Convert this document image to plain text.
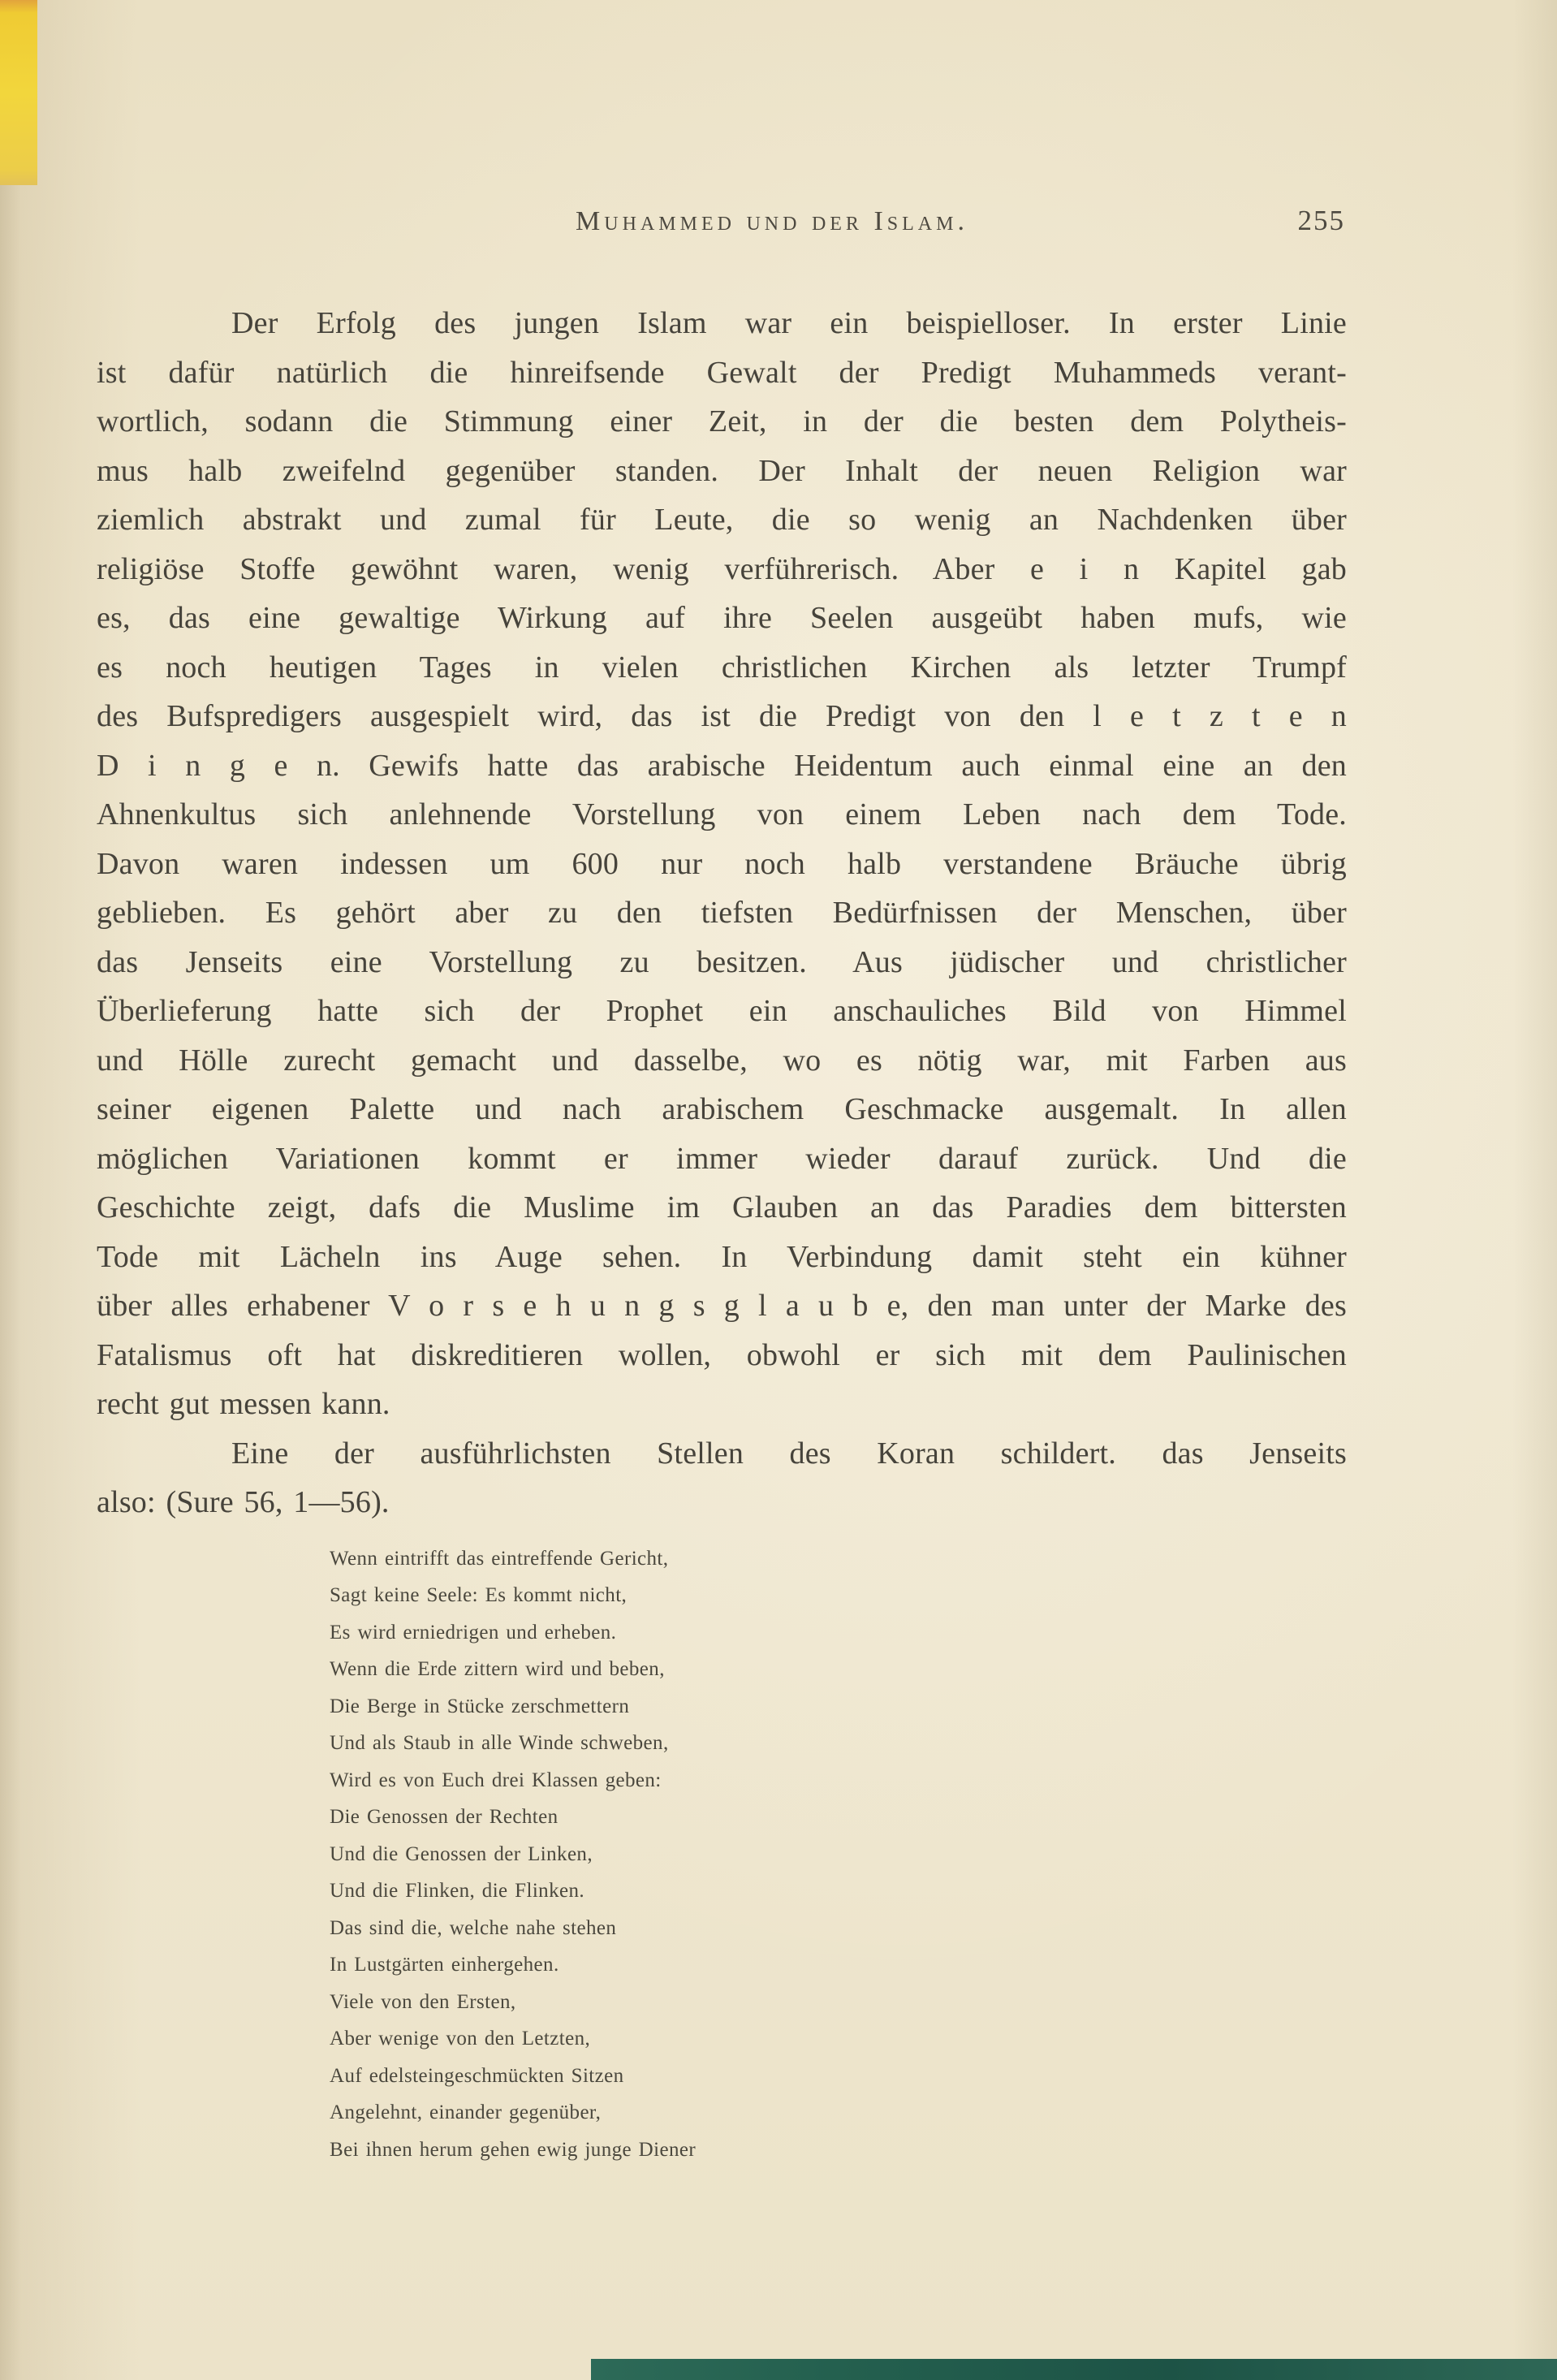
Muhammed und der Islam.	255
Der Erfolg des jungen Islam war ein beispielloser. In erster Linie
ist dafür natürlich die hinreifsende Gewalt der Predigt Muhammeds verant-
wortlich, sodann die Stimmung einer Zeit, in der die besten dem Polytheis-
mus halb zweifelnd gegenüber standen. Der Inhalt der neuen Religion war
ziemlich abstrakt und zumal für Leute, die so wenig an Nachdenken über
religiöse Stoffe gewöhnt waren, wenig verführerisch. Aber e i n Kapitel gab
es, das eine gewaltige Wirkung auf ihre Seelen ausgeübt haben mufs, wie
es noch heutigen Tages in vielen christlichen Kirchen als letzter Trumpf
des Bufspredigers ausgespielt wird, das ist die Predigt von den l e t z t e n
D i n g e n. Gewifs hatte das arabische Heidentum auch einmal eine an den
Ahnenkultus sich anlehnende Vorstellung von einem Leben nach dem Tode.
Davon waren indessen um 600 nur noch halb verstandene Bräuche übrig
geblieben. Es gehört aber zu den tiefsten Bedürfnissen der Menschen, über
das Jenseits eine Vorstellung zu besitzen. Aus jüdischer und christlicher
Überlieferung hatte sich der Prophet ein anschauliches Bild von Himmel
und Hölle zurecht gemacht und dasselbe, wo es nötig war, mit Farben aus
seiner eigenen Palette und nach arabischem Geschmacke ausgemalt. In allen
möglichen Variationen kommt er immer wieder darauf zurück. Und die
Geschichte zeigt, dafs die Muslime im Glauben an das Paradies dem bittersten
Tode mit Lächeln ins Auge sehen. In Verbindung damit steht ein kühner
über alles erhabener V o r s e h u n g s g l a u b e, den man unter der Marke des
Fatalismus oft hat diskreditieren wollen, obwohl er sich mit dem Paulinischen
recht gut messen kann.
Eine der ausführlichsten Stellen des Koran schildert. das Jenseits
also: (Sure 56, 1—56).
Wenn eintrifft das eintreffende Gericht,
Sagt keine Seele: Es kommt nicht,
Es wird erniedrigen und erheben.
Wenn die Erde zittern wird und beben,
Die Berge in Stücke zerschmettern
Und als Staub in alle Winde schweben,
Wird es von Euch drei Klassen geben:
Die Genossen der Rechten
Und die Genossen der Linken,
Und die Flinken, die Flinken.
Das sind die, welche nahe stehen
In Lustgärten einhergehen.
Viele von den Ersten,
Aber wenige von den Letzten,
Auf edelsteingeschmückten Sitzen
Angelehnt, einander gegenüber,
Bei ihnen herum gehen ewig junge Diener
